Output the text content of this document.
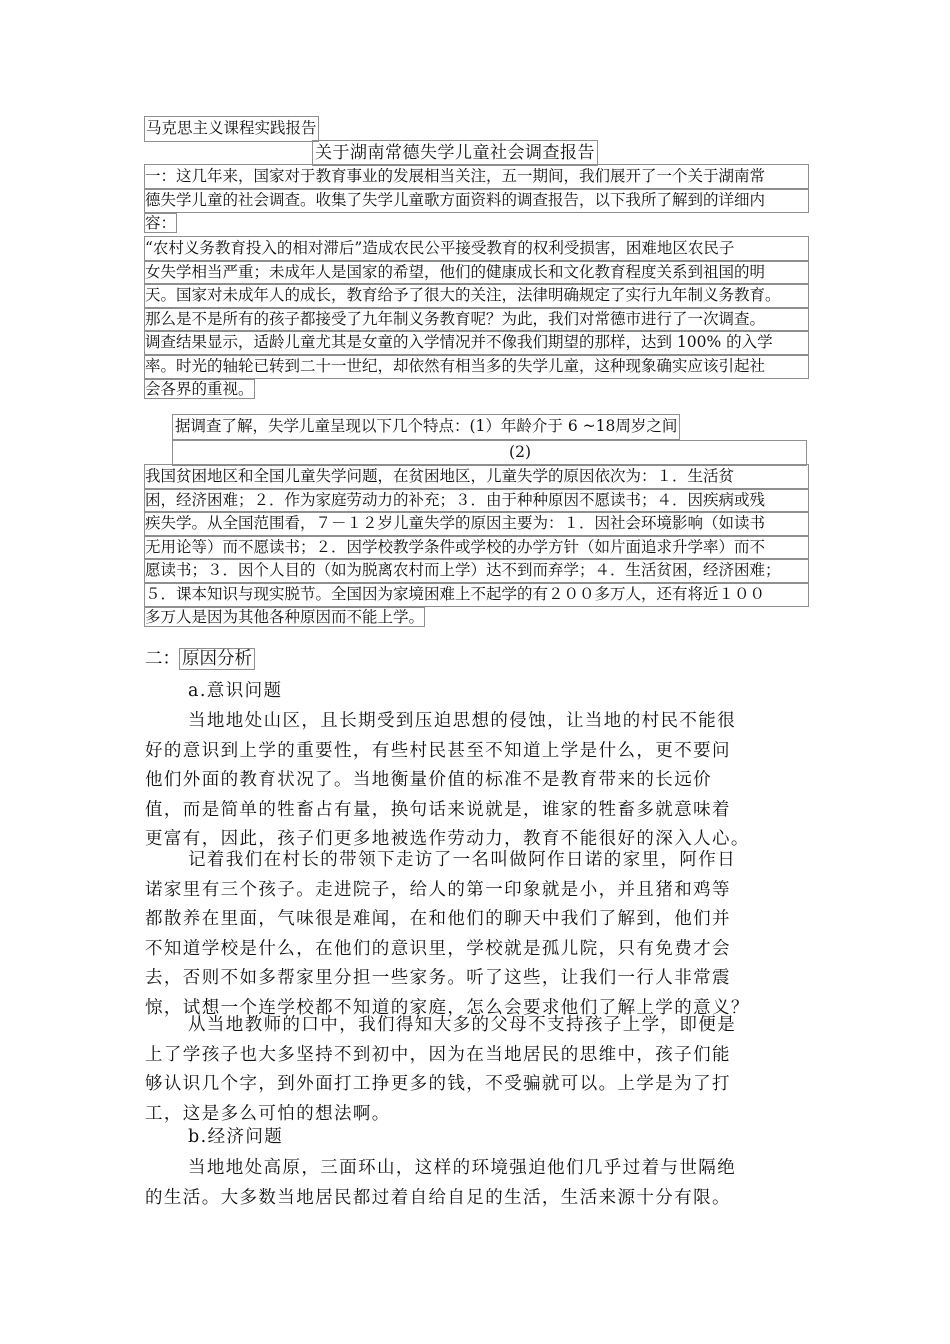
马克思主义课程实践报告
关于湖南常德失学儿童社会调查报告
一：这几年来，国家对于教育事业的发展相当关注，五一期间，我们展开了一个关于湖南常
德失学儿童的社会调查。收集了失学儿童歌方面资料的调查报告，以下我所了解到的详细内
容：
“农村义务教育投入的相对滞后”造成农民公平接受教育的权利受损害，困难地区农民子
女失学相当严重；未成年人是国家的希望，他们的健康成长和文化教育程度关系到祖国的明
天。国家对未成年人的成长，教育给予了很大的关注，法律明确规定了实行九年制义务教育。
那么是不是所有的孩子都接受了九年制义务教育呢？为此，我们对常德市进行了一次调查。
调查结果显示，适龄儿童尤其是女童的入学情况并不像我们期望的那样，达到 100% 的入学
率。时光的轴轮已转到二十一世纪，却依然有相当多的失学儿童，这种现象确实应该引起社
会各界的重视。
据调查了解，失学儿童呈现以下几个特点：(1）年龄介于 6 ~18周岁之间
(2)
我国贫困地区和全国儿童失学问题，在贫困地区，儿童失学的原因依次为：１．生活贫
困，经济困难；２．作为家庭劳动力的补充；３．由于种种原因不愿读书；４．因疾病或残
疾失学。从全国范围看，７－１２岁儿童失学的原因主要为：１．因社会环境影响（如读书
无用论等）而不愿读书；２．因学校教学条件或学校的办学方针（如片面追求升学率）而不
愿读书；３．因个人目的（如为脱离农村而上学）达不到而弃学；４．生活贫困，经济困难；
５．课本知识与现实脱节。全国因为家境困难上不起学的有２００多万人，还有将近１００
多万人是因为其他各种原因而不能上学。
二： 原因分析
a.意识问题
当地地处山区，且长期受到压迫思想的侵蚀，让当地的村民不能很
好的意识到上学的重要性，有些村民甚至不知道上学是什么，更不要问
他们外面的教育状况了。当地衡量价值的标准不是教育带来的长远价
值，而是简单的牲畜占有量，换句话来说就是，谁家的牲畜多就意味着
更富有，因此，孩子们更多地被选作劳动力，教育不能很好的深入人心。
记着我们在村长的带领下走访了一名叫做阿作日诺的家里，阿作日
诺家里有三个孩子。走进院子，给人的第一印象就是小，并且猪和鸡等
都散养在里面，气味很是难闻，在和他们的聊天中我们了解到，他们并
不知道学校是什么，在他们的意识里，学校就是孤儿院，只有免费才会
去，否则不如多帮家里分担一些家务。听了这些，让我们一行人非常震
惊，试想一个连学校都不知道的家庭，怎么会要求他们了解上学的意义？
从当地教师的口中，我们得知大多的父母不支持孩子上学，即便是
上了学孩子也大多坚持不到初中，因为在当地居民的思维中，孩子们能
够认识几个字，到外面打工挣更多的钱，不受骗就可以。上学是为了打
工，这是多么可怕的想法啊。
b.经济问题
当地地处高原，三面环山，这样的环境强迫他们几乎过着与世隔绝
的生活。大多数当地居民都过着自给自足的生活，生活来源十分有限。
